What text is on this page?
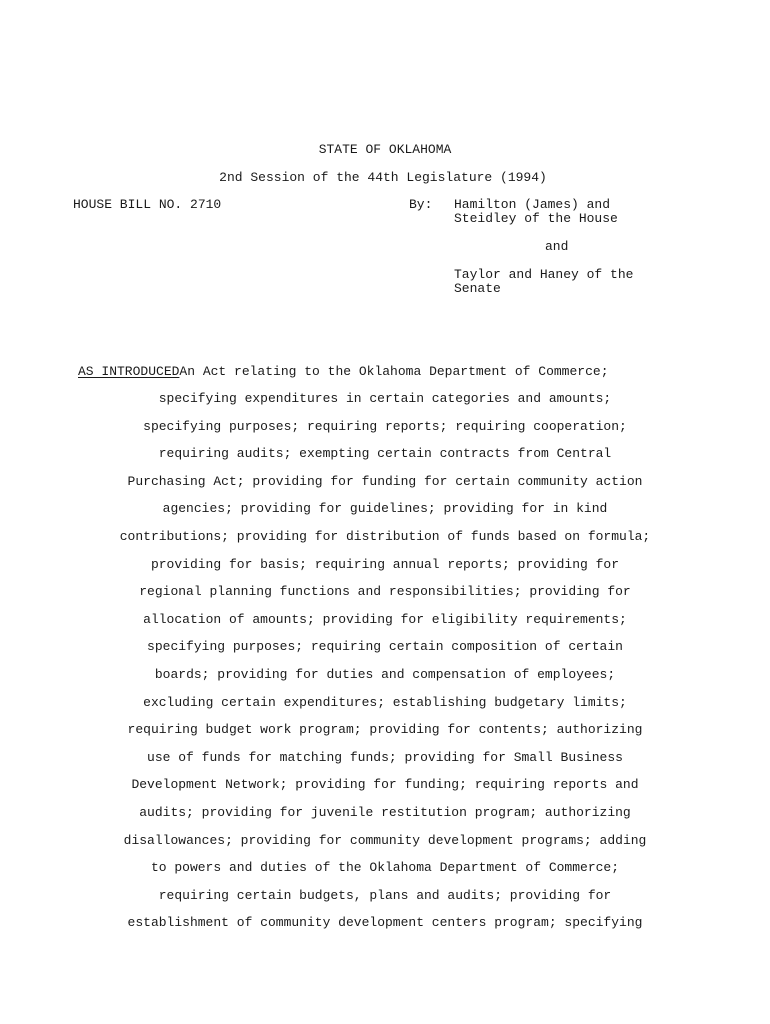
STATE OF OKLAHOMA
2nd Session of the 44th Legislature (1994)
HOUSE BILL NO. 2710	By: Hamilton (James) and
Steidley of the House
and
Taylor and Haney of the
Senate
AS INTRODUCEDAn Act relating to the Oklahoma Department of Commerce;
specifying expenditures in certain categories and amounts;
specifying purposes; requiring reports; requiring cooperation;
requiring audits; exempting certain contracts from Central
Purchasing Act; providing for funding for certain community action
agencies; providing for guidelines; providing for in kind
contributions; providing for distribution of funds based on formula;
providing for basis; requiring annual reports; providing for
regional planning functions and responsibilities; providing for
allocation of amounts; providing for eligibility requirements;
specifying purposes; requiring certain composition of certain
boards; providing for duties and compensation of employees;
excluding certain expenditures; establishing budgetary limits;
requiring budget work program; providing for contents; authorizing
use of funds for matching funds; providing for Small Business
Development Network; providing for funding; requiring reports and
audits; providing for juvenile restitution program; authorizing
disallowances; providing for community development programs; adding
to powers and duties of the Oklahoma Department of Commerce;
requiring certain budgets, plans and audits; providing for
establishment of community development centers program; specifying
